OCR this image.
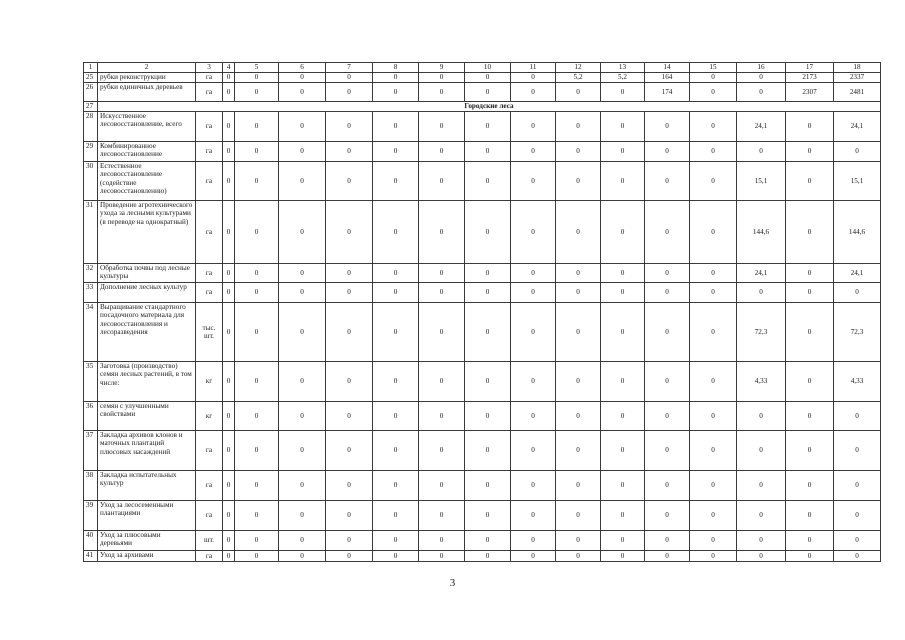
1	2	3	4	5	6	7	8	9	10	11	12	13	14	15	16	17	18
25	рубки реконструкции	га	0	0	0	0	0	0	0	0	5,2	5,2	164	0	0	2173	2337
26	рубки единичных деревьев	га	0	0	0	0	0	0	0	0	0	0	174	0	0	2307	2481
27	Городские леса																
28	Искусственное лесовосстановление, всего	га	0	0	0	0	0	0	0	0	0	0	0	0	24,1	0	24,1
29	Комбинированное лесовосстановление	га	0	0	0	0	0	0	0	0	0	0	0	0	0	0	0
30	Естественное лесовосстановление (содействие лесовосстановлению)	га	0	0	0	0	0	0	0	0	0	0	0	0	15,1	0	15,1
31	Проведение агротехнического ухода за лесными культурами (в переводе на однократный)	га	0	0	0	0	0	0	0	0	0	0	0	0	144,6	0	144,6
32	Обработка почвы под лесные культуры	га	0	0	0	0	0	0	0	0	0	0	0	0	24,1	0	24,1
33	Дополнение лесных культур	га	0	0	0	0	0	0	0	0	0	0	0	0	0	0	0
34	Выращивание стандартного посадочного материала для лесовосстановления и лесоразведения	тыс. шт.	0	0	0	0	0	0	0	0	0	0	0	0	72,3	0	72,3
35	Заготовка (производство) семян лесных растений, в том числе:	кг	0	0	0	0	0	0	0	0	0	0	0	0	4,33	0	4,33
36	семян с улучшенными свойствами	кг	0	0	0	0	0	0	0	0	0	0	0	0	0	0	0
37	Закладка архивов клонов и маточных плантаций плюсовых насаждений	га	0	0	0	0	0	0	0	0	0	0	0	0	0	0	0
38	Закладка испытательных культур	га	0	0	0	0	0	0	0	0	0	0	0	0	0	0	0
39	Уход за лесосеменными плантациями	га	0	0	0	0	0	0	0	0	0	0	0	0	0	0	0
40	Уход за плюсовыми деревьями	шт.	0	0	0	0	0	0	0	0	0	0	0	0	0	0	0
41	Уход за архивами	га	0	0	0	0	0	0	0	0	0	0	0	0	0	0	0
3
